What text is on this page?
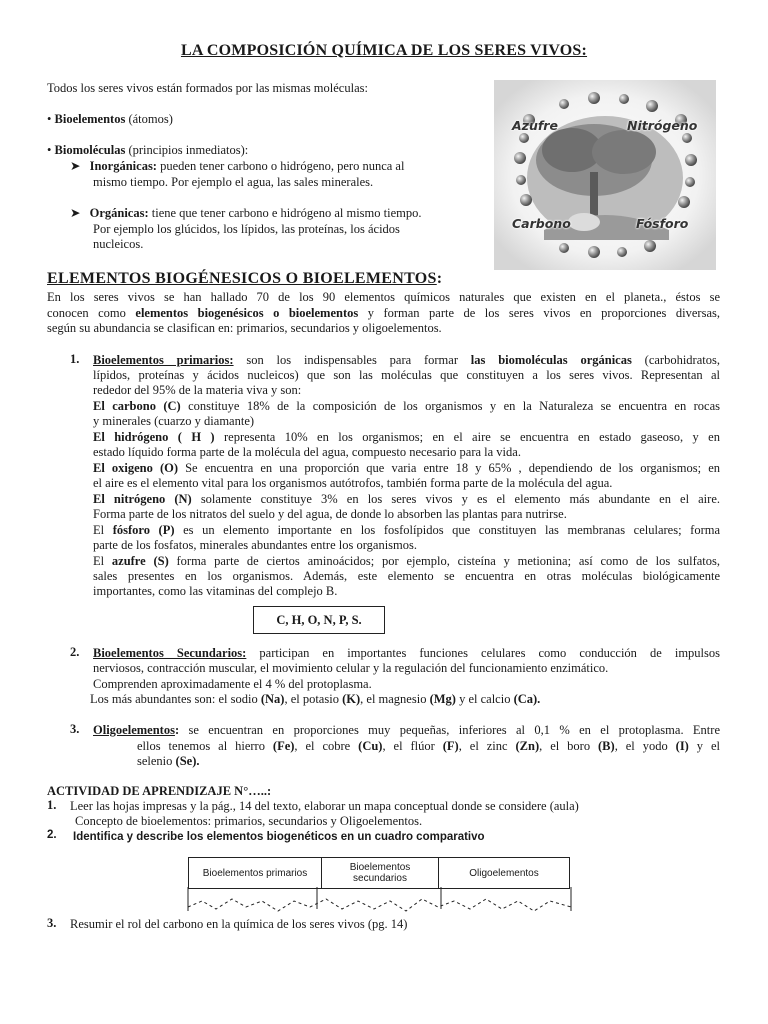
LA COMPOSICIÓN QUÍMICA DE LOS SERES VIVOS:
Todos los seres vivos están formados por las mismas moléculas:
• Bioelementos (átomos)
• Biomoléculas (principios inmediatos):
➤ Inorgánicas: pueden tener carbono o hidrógeno, pero nunca al
mismo tiempo. Por ejemplo el agua, las sales minerales.
➤ Orgánicas: tiene que tener carbono e hidrógeno al mismo tiempo.
Por ejemplo los glúcidos, los lípidos, las proteínas, los ácidos
nucleicos.
Azufre	Nitrógeno
Carbono	Fósforo
ELEMENTOS BIOGÉNESICOS O BIOELEMENTOS:
En los seres vivos se han hallado 70 de los 90 elementos químicos naturales que existen en el planeta., éstos se
conocen como elementos biogenésicos o bioelementos y forman parte de los seres vivos en proporciones diversas,
según su abundancia se clasifican en: primarios, secundarios y oligoelementos.
1. Bioelementos primarios: son los indispensables para formar las biomoléculas orgánicas (carbohidratos,
lípidos, proteínas y ácidos nucleicos) que son las moléculas que constituyen a los seres vivos. Representan al
rededor del 95% de la materia viva y son:
El carbono (C) constituye 18% de la composición de los organismos y en la Naturaleza se encuentra en rocas
y minerales (cuarzo y diamante)
El hidrógeno ( H ) representa 10% en los organismos; en el aire se encuentra en estado gaseoso, y en
estado líquido forma parte de la molécula del agua, compuesto necesario para la vida.
El oxigeno (O) Se encuentra en una proporción que varia entre 18 y 65% , dependiendo de los organismos; en
el aire es el elemento vital para los organismos autótrofos, también forma parte de la molécula del agua.
El nitrógeno (N) solamente constituye 3% en los seres vivos y es el elemento más abundante en el aire.
Forma parte de los nitratos del suelo y del agua, de donde lo absorben las plantas para nutrirse.
El fósforo (P) es un elemento importante en los fosfolípidos que constituyen las membranas celulares; forma
parte de los fosfatos, minerales abundantes entre los organismos.
El azufre (S) forma parte de ciertos aminoácidos; por ejemplo, cisteína y metionina; así como de los sulfatos,
sales presentes en los organismos. Además, este elemento se encuentra en otras moléculas biológicamente
importantes, como las vitaminas del complejo B.
C, H, O, N, P, S.
2. Bioelementos Secundarios: participan en importantes funciones celulares como conducción de impulsos
nerviosos, contracción muscular, el movimiento celular y la regulación del funcionamiento enzimático.
Comprenden aproximadamente el 4 % del protoplasma.
Los más abundantes son: el sodio (Na), el potasio (K), el magnesio (Mg) y el calcio (Ca).
3. Oligoelementos: se encuentran en proporciones muy pequeñas, inferiores al 0,1 % en el protoplasma. Entre
ellos tenemos al hierro (Fe), el cobre (Cu), el flúor (F), el zinc (Zn), el boro (B), el yodo (I) y el
selenio (Se).
ACTIVIDAD DE APRENDIZAJE N°…..:
1. Leer las hojas impresas y la pág., 14 del texto, elaborar un mapa conceptual donde se considere (aula)
Concepto de bioelementos: primarios, secundarios y Oligoelementos.
2. Identifica y describe los elementos biogenéticos en un cuadro comparativo
Bioelementos primarios	Bioelementos secundarios	Oligoelementos
3. Resumir el rol del carbono en la química de los seres vivos (pg. 14)
